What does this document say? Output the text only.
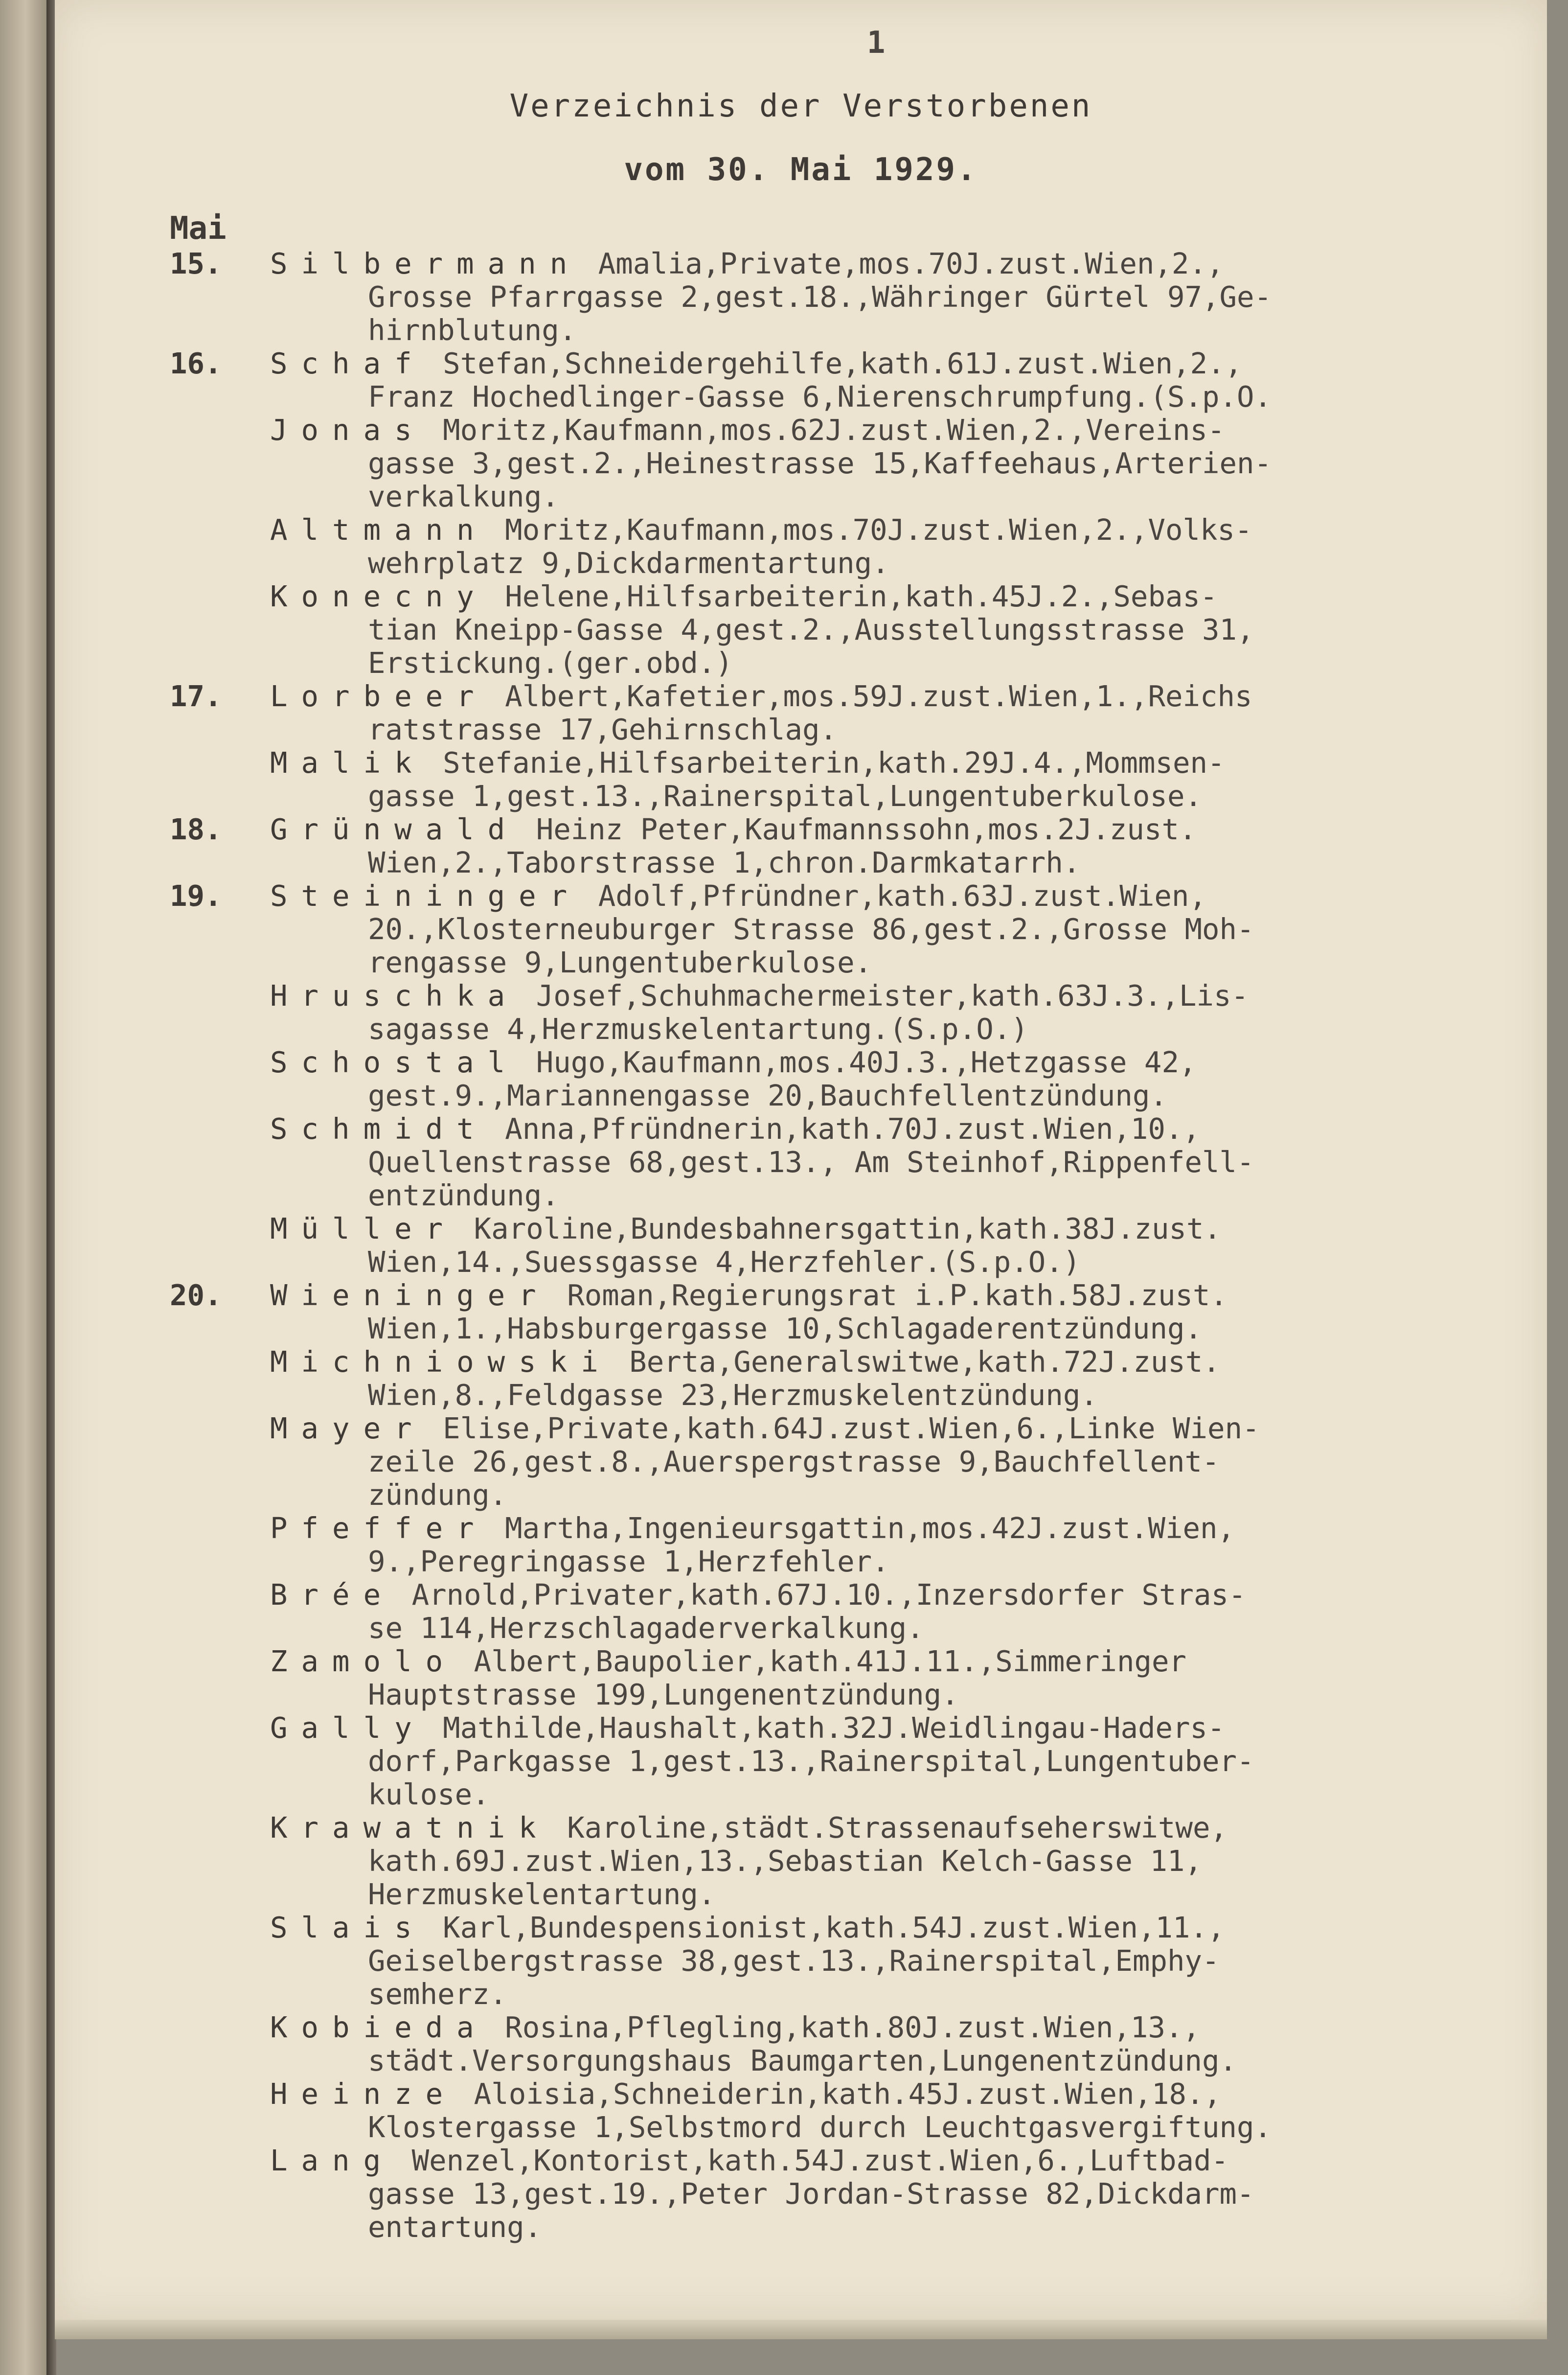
1
Verzeichnis der Verstorbenen
vom 30. Mai 1929.
Mai
15. Silbermann Amalia,Private,mos.70J.zust.Wien,2.,
Grosse Pfarrgasse 2,gest.18.,Währinger Gürtel 97,Ge-
hirnblutung.
16. Schaf Stefan,Schneidergehilfe,kath.61J.zust.Wien,2.,
Franz Hochedlinger-Gasse 6,Nierenschrumpfung.(S.p.O.
Jonas Moritz,Kaufmann,mos.62J.zust.Wien,2.,Vereins-
gasse 3,gest.2.,Heinestrasse 15,Kaffeehaus,Arterien-
verkalkung.
Altmann Moritz,Kaufmann,mos.70J.zust.Wien,2.,Volks-
wehrplatz 9,Dickdarmentartung.
Konecny Helene,Hilfsarbeiterin,kath.45J.2.,Sebas-
tian Kneipp-Gasse 4,gest.2.,Ausstellungsstrasse 31,
Erstickung.(ger.obd.)
17. Lorbeer Albert,Kafetier,mos.59J.zust.Wien,1.,Reichs
ratstrasse 17,Gehirnschlag.
Malik Stefanie,Hilfsarbeiterin,kath.29J.4.,Mommsen-
gasse 1,gest.13.,Rainerspital,Lungentuberkulose.
18. Grünwald Heinz Peter,Kaufmannssohn,mos.2J.zust.
Wien,2.,Taborstrasse 1,chron.Darmkatarrh.
19. Steininger Adolf,Pfründner,kath.63J.zust.Wien,
20.,Klosterneuburger Strasse 86,gest.2.,Grosse Moh-
rengasse 9,Lungentuberkulose.
Hruschka Josef,Schuhmachermeister,kath.63J.3.,Lis-
sagasse 4,Herzmuskelentartung.(S.p.O.)
Schostal Hugo,Kaufmann,mos.40J.3.,Hetzgasse 42,
gest.9.,Mariannengasse 20,Bauchfellentzündung.
Schmidt Anna,Pfründnerin,kath.70J.zust.Wien,10.,
Quellenstrasse 68,gest.13., Am Steinhof,Rippenfell-
entzündung.
Müller Karoline,Bundesbahnersgattin,kath.38J.zust.
Wien,14.,Suessgasse 4,Herzfehler.(S.p.O.)
20. Wieninger Roman,Regierungsrat i.P.kath.58J.zust.
Wien,1.,Habsburgergasse 10,Schlagaderentzündung.
Michniowski Berta,Generalswitwe,kath.72J.zust.
Wien,8.,Feldgasse 23,Herzmuskelentzündung.
Mayer Elise,Private,kath.64J.zust.Wien,6.,Linke Wien-
zeile 26,gest.8.,Auerspergstrasse 9,Bauchfellent-
zündung.
Pfeffer Martha,Ingenieursgattin,mos.42J.zust.Wien,
9.,Peregringasse 1,Herzfehler.
Brée Arnold,Privater,kath.67J.10.,Inzersdorfer Stras-
se 114,Herzschlagaderverkalkung.
Zamolo Albert,Baupolier,kath.41J.11.,Simmeringer
Hauptstrasse 199,Lungenentzündung.
Gally Mathilde,Haushalt,kath.32J.Weidlingau-Haders-
dorf,Parkgasse 1,gest.13.,Rainerspital,Lungentuber-
kulose.
Krawatnik Karoline,städt.Strassenaufseherswitwe,
kath.69J.zust.Wien,13.,Sebastian Kelch-Gasse 11,
Herzmuskelentartung.
Slais Karl,Bundespensionist,kath.54J.zust.Wien,11.,
Geiselbergstrasse 38,gest.13.,Rainerspital,Emphy-
semherz.
Kobieda Rosina,Pflegling,kath.80J.zust.Wien,13.,
städt.Versorgungshaus Baumgarten,Lungenentzündung.
Heinze Aloisia,Schneiderin,kath.45J.zust.Wien,18.,
Klostergasse 1,Selbstmord durch Leuchtgasvergiftung.
Lang Wenzel,Kontorist,kath.54J.zust.Wien,6.,Luftbad-
gasse 13,gest.19.,Peter Jordan-Strasse 82,Dickdarm-
entartung.
